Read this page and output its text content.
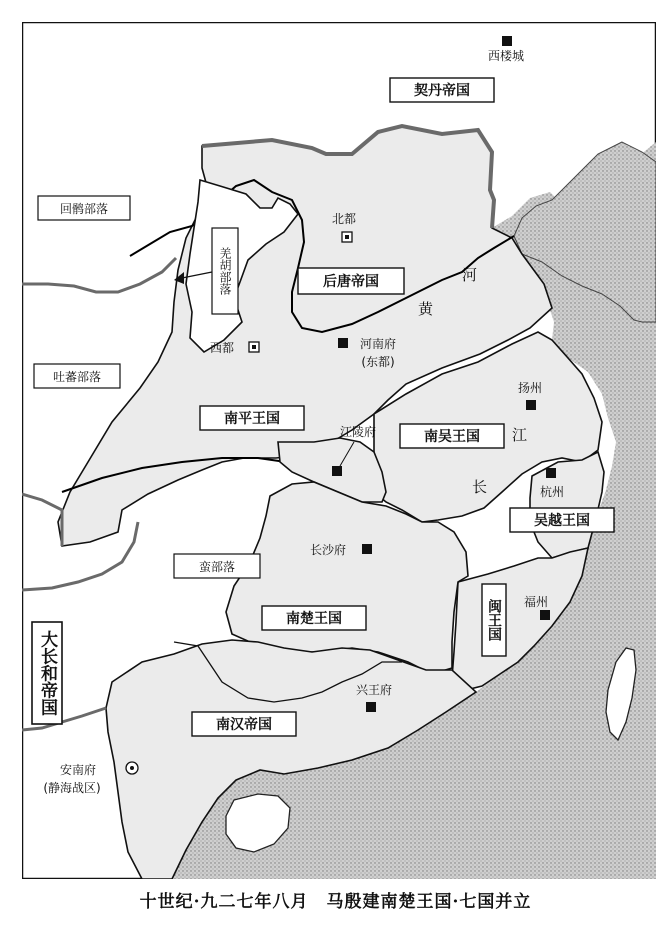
契丹帝国
后唐帝国
南平王国
南吴王国
吴越王国
南楚王国
南汉帝国
闽王国
大长和帝国
回鹘部落
吐蕃部落
蛮部落
羌胡部落
西楼城
北都
西都	河南府
(东都)
江陵府
扬州
杭州
长沙府
福州
兴王府
安南府
(静海战区)
河
黄
江
长
十世纪·九二七年八月　马殷建南楚王国·七国并立
